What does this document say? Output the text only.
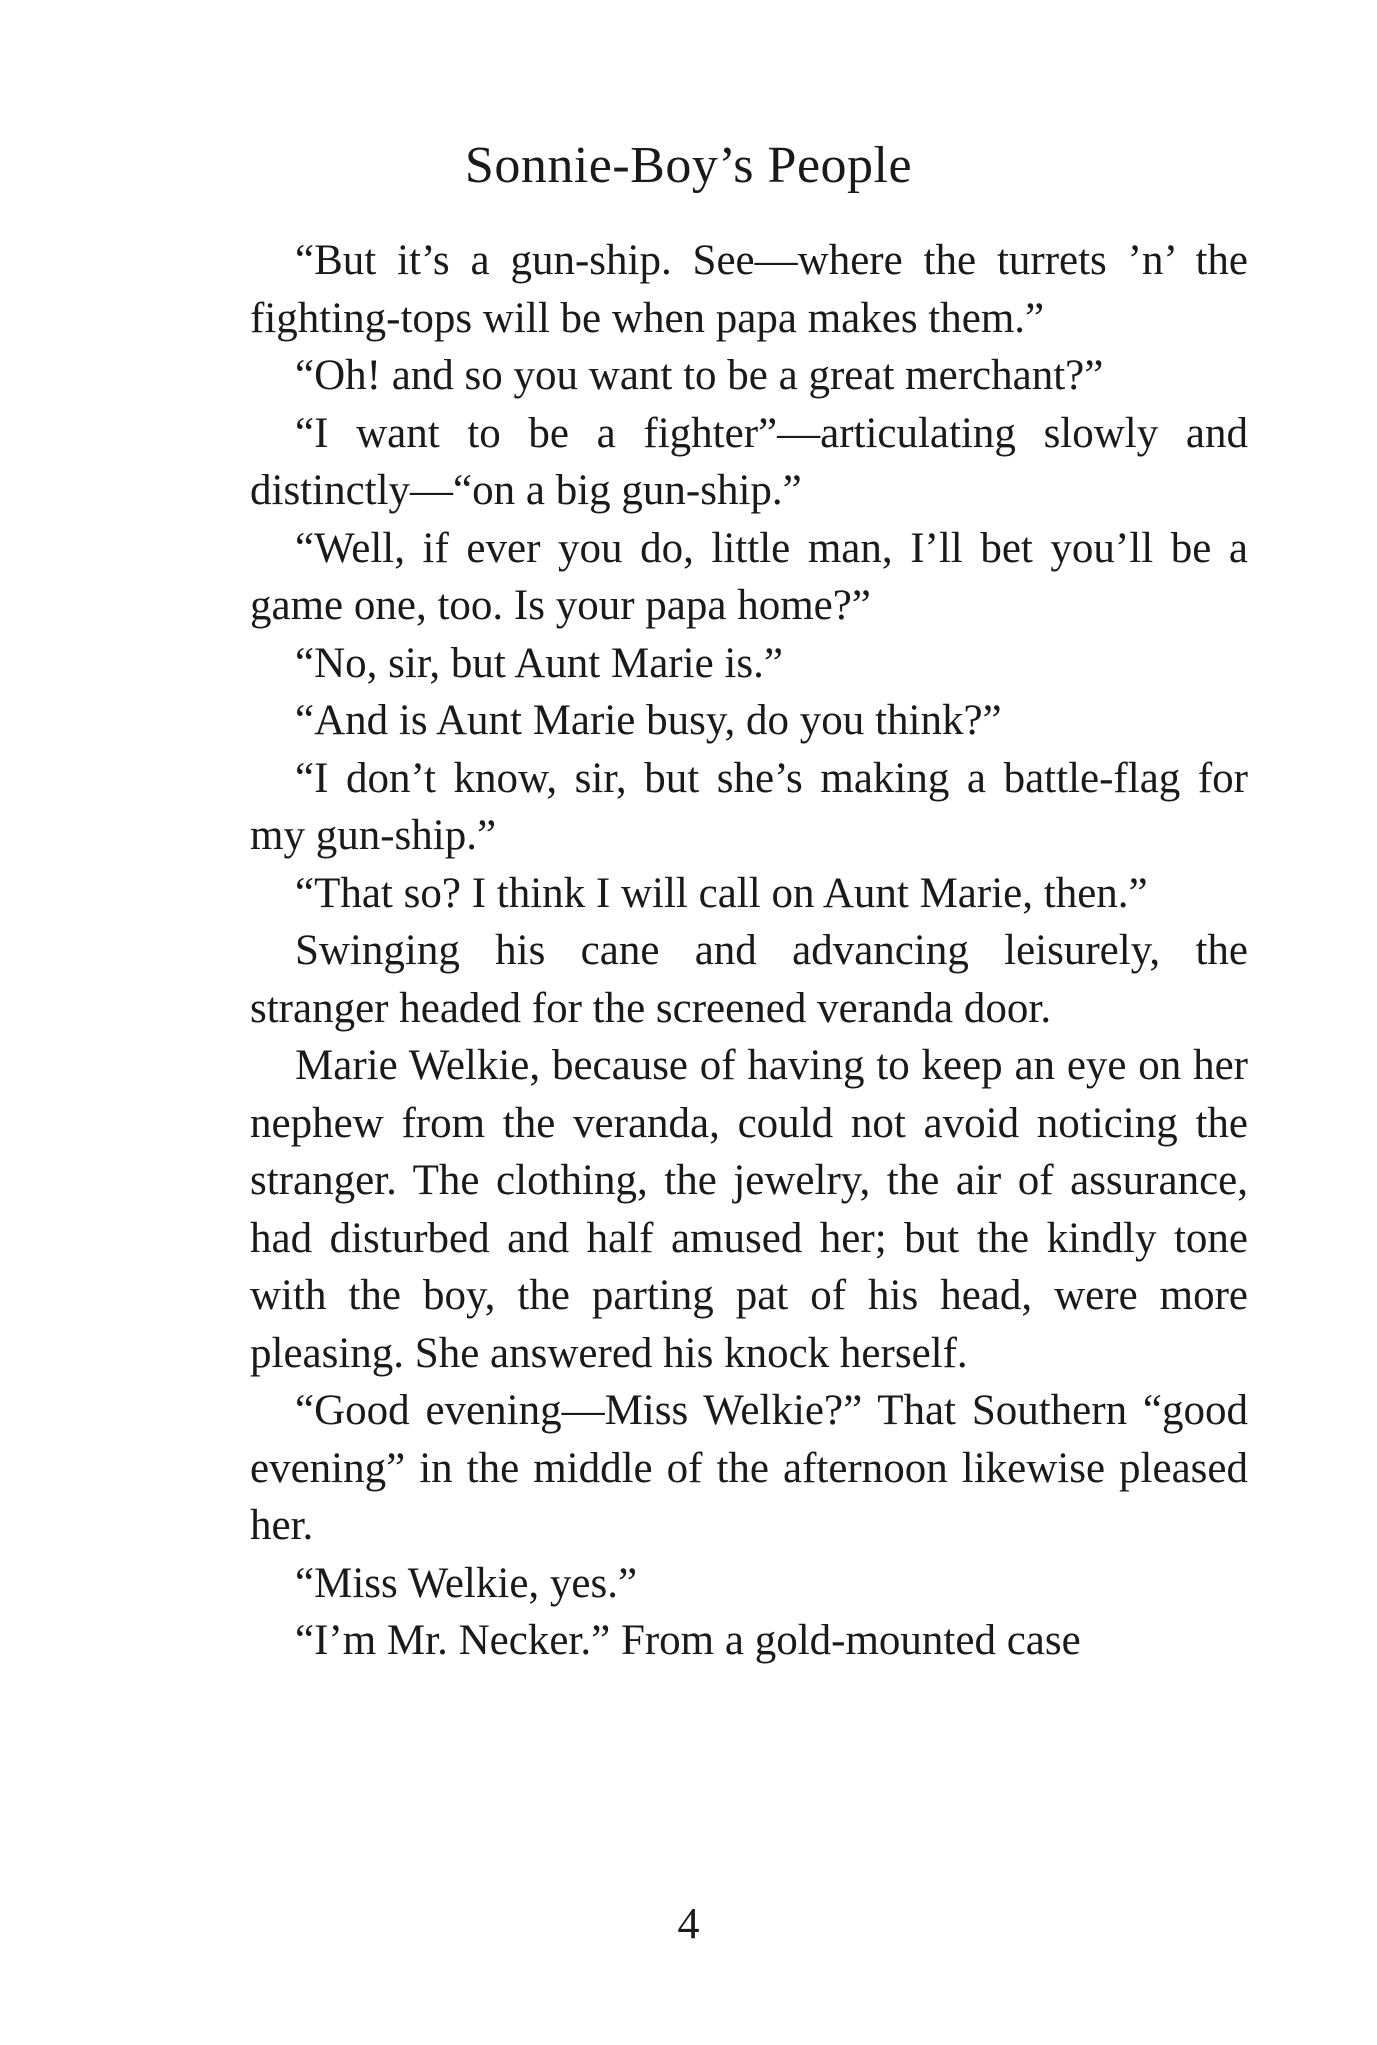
Sonnie-Boy’s People

“But it’s a gun-ship. See—where the turrets ’n’ the fighting-tops will be when papa makes them.”

“Oh! and so you want to be a great merchant?”

“I want to be a fighter”—articulating slowly and distinctly—“on a big gun-ship.”

“Well, if ever you do, little man, I’ll bet you’ll be a game one, too. Is your papa home?”

“No, sir, but Aunt Marie is.”

“And is Aunt Marie busy, do you think?”

“I don’t know, sir, but she’s making a battle-flag for my gun-ship.”

“That so? I think I will call on Aunt Marie, then.”

Swinging his cane and advancing leisurely, the stranger headed for the screened veranda door.

Marie Welkie, because of having to keep an eye on her nephew from the veranda, could not avoid noticing the stranger. The clothing, the jewelry, the air of assurance, had disturbed and half amused her; but the kindly tone with the boy, the parting pat of his head, were more pleasing. She answered his knock herself.

“Good evening—Miss Welkie?” That Southern “good evening” in the middle of the afternoon likewise pleased her.

“Miss Welkie, yes.”

“I’m Mr. Necker.” From a gold-mounted case

4
